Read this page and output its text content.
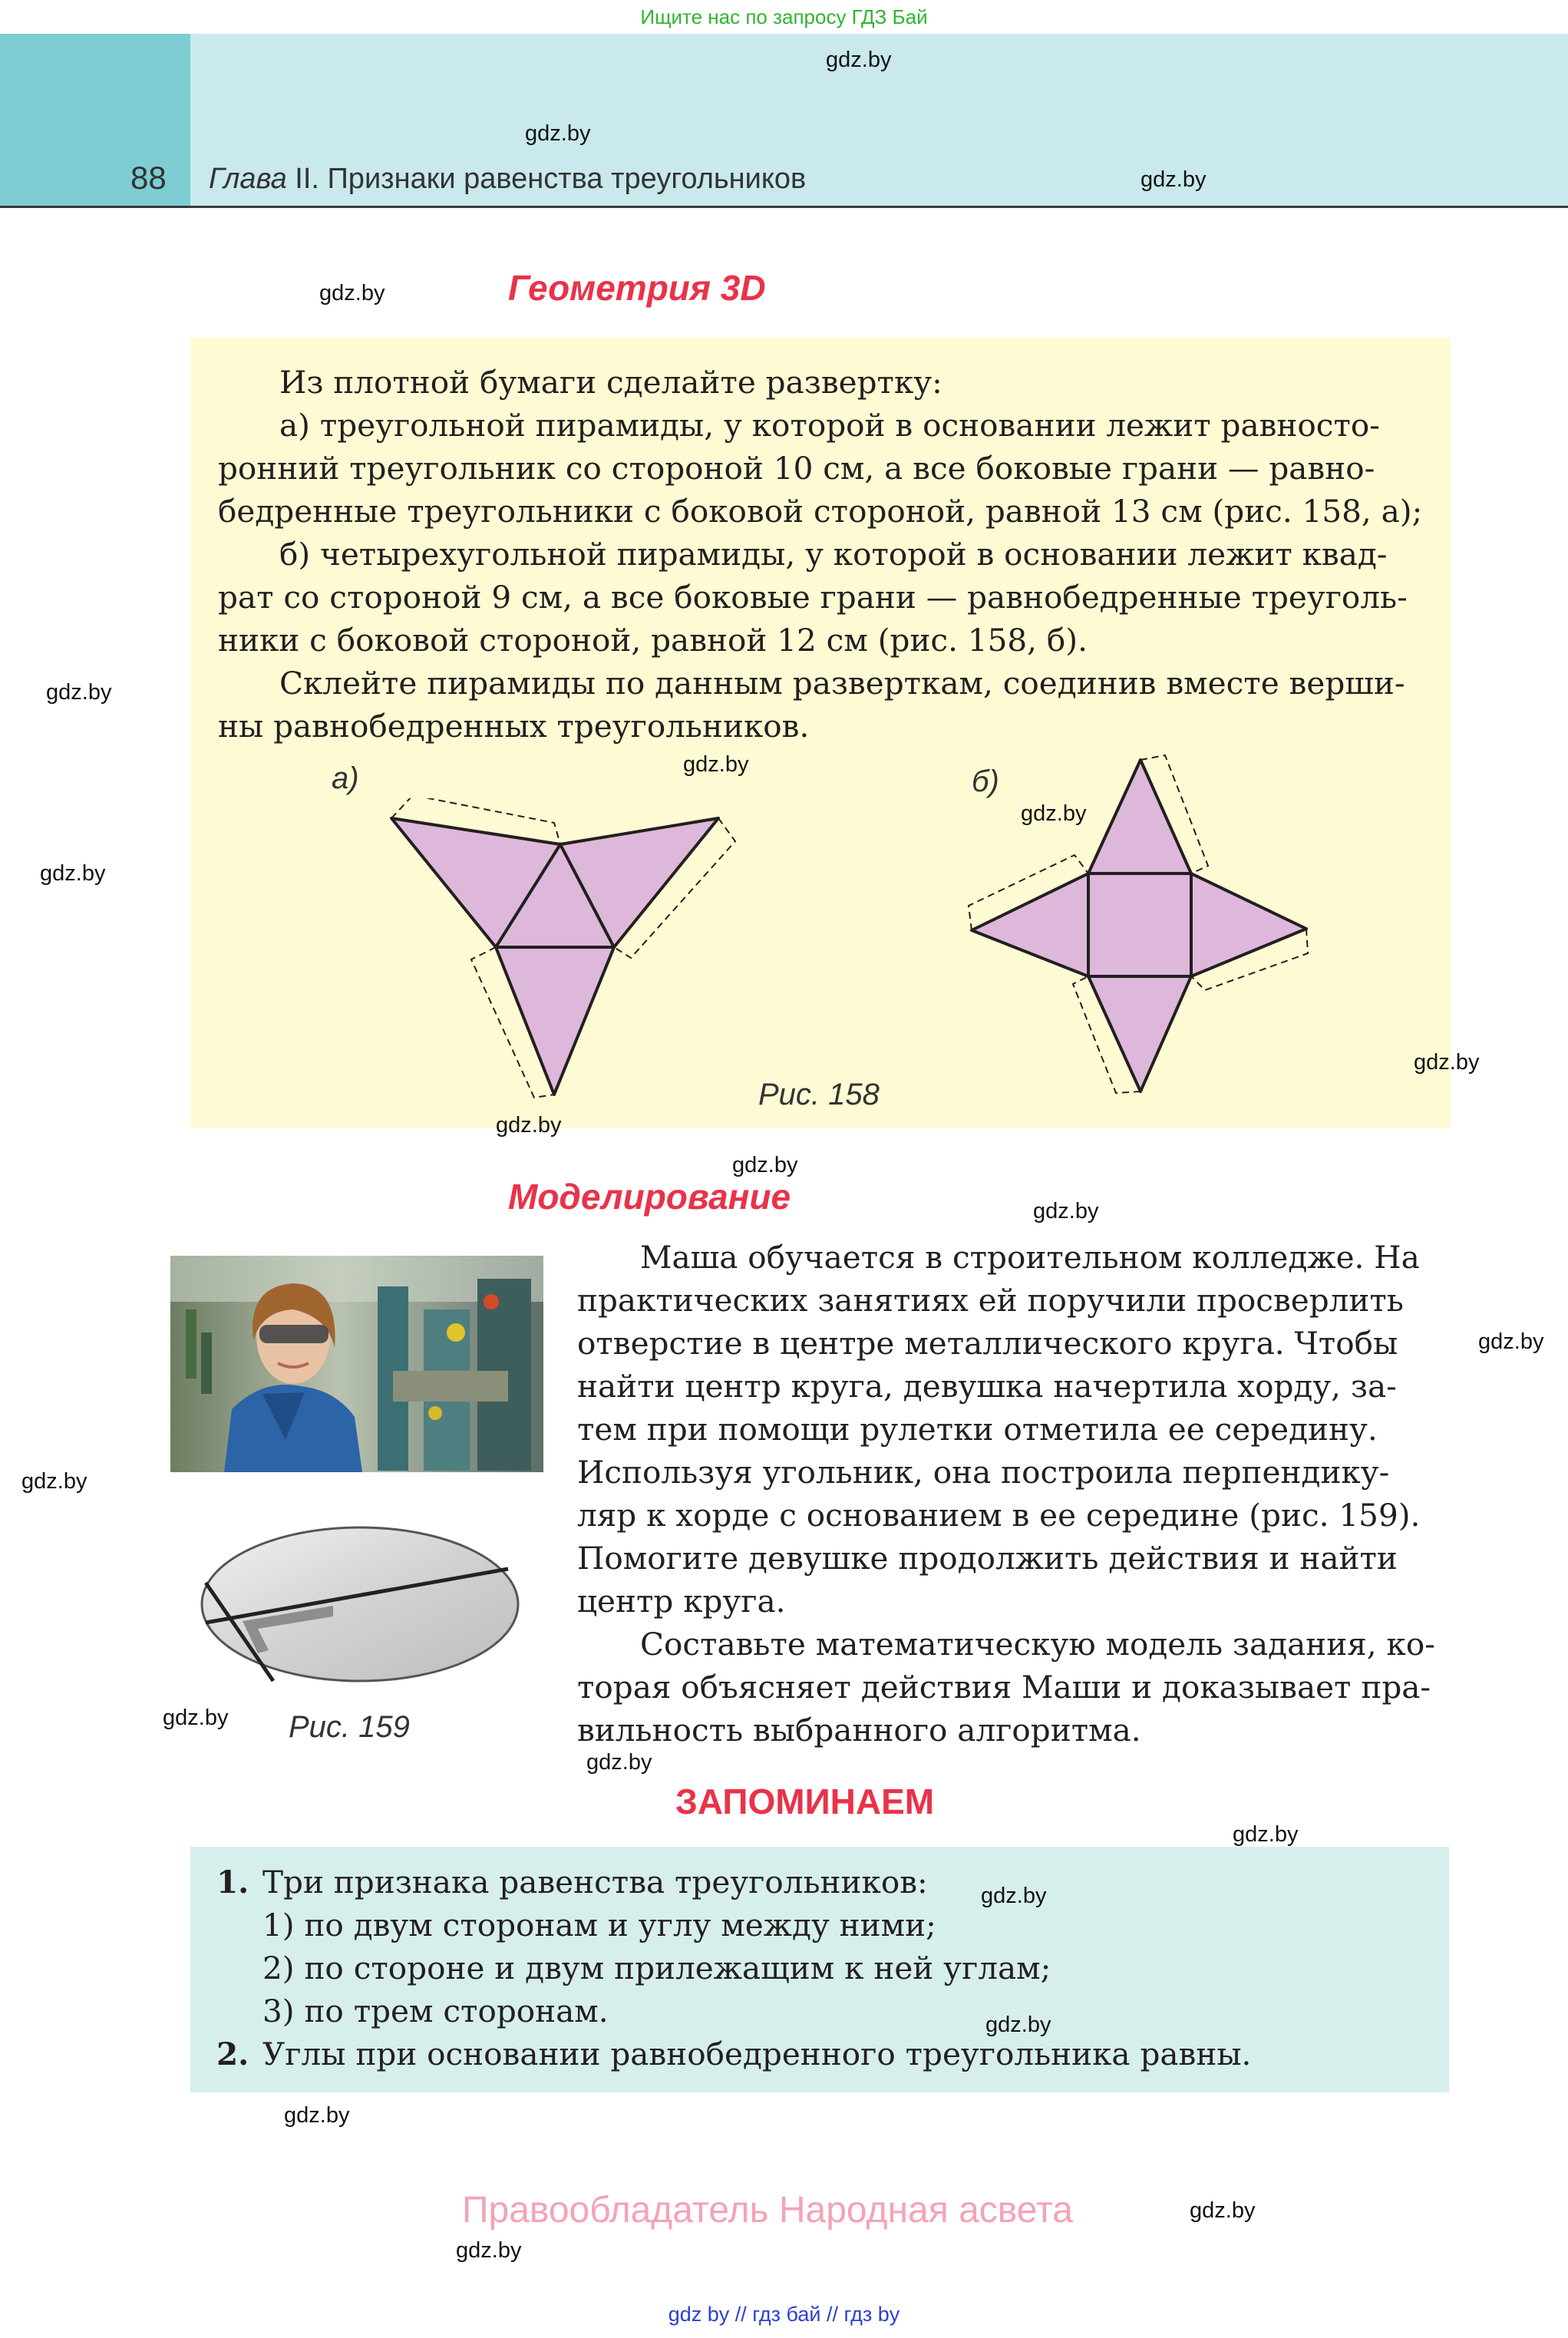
Ищите нас по запросу ГДЗ Бай
88 Глава II. Признаки равенства треугольников
gdz.by
gdz.by
gdz.by
gdz.by
gdz.by
gdz.by
Геометрия 3D
Из плотной бумаги сделайте развертку:
а) треугольной пирамиды, у которой в основании лежит равносто-
ронний треугольник со стороной 10 см, а все боковые грани — равно-
бедренные треугольники с боковой стороной, равной 13 см (рис. 158, а);
б) четырехугольной пирамиды, у которой в основании лежит квад-
рат со стороной 9 см, а все боковые грани — равнобедренные треуголь-
ники с боковой стороной, равной 12 см (рис. 158, б).
Склейте пирамиды по данным разверткам, соединив вместе верши-
ны равнобедренных треугольников.
а)	б)
gdz.by
gdz.by
Рис. 158
gdz.by
gdz.by
gdz.by
Моделирование	gdz.by
Рис. 159
gdz.by
gdz.by
gdz.by
Маша обучается в строительном колледже. На
практических занятиях ей поручили просверлить
отверстие в центре металлического круга. Чтобы
найти центр круга, девушка начертила хорду, за-
тем при помощи рулетки отметила ее середину.
Используя угольник, она построила перпендику-
ляр к хорде с основанием в ее середине (рис. 159).
Помогите девушке продолжить действия и найти
центр круга.
Составьте математическую модель задания, ко-
торая объясняет действия Маши и доказывает пра-
вильность выбранного алгоритма.
gdz.by
ЗАПОМИНАЕМ
gdz.by
1. Три признака равенства треугольников:
1) по двум сторонам и углу между ними;
2) по стороне и двум прилежащим к ней углам;
3) по трем сторонам.
2. Углы при основании равнобедренного треугольника равны.
gdz.by
gdz.by
gdz.by
Правообладатель Народная асвета	gdz.by
gdz.by
gdz by // гдз бай // гдз by
